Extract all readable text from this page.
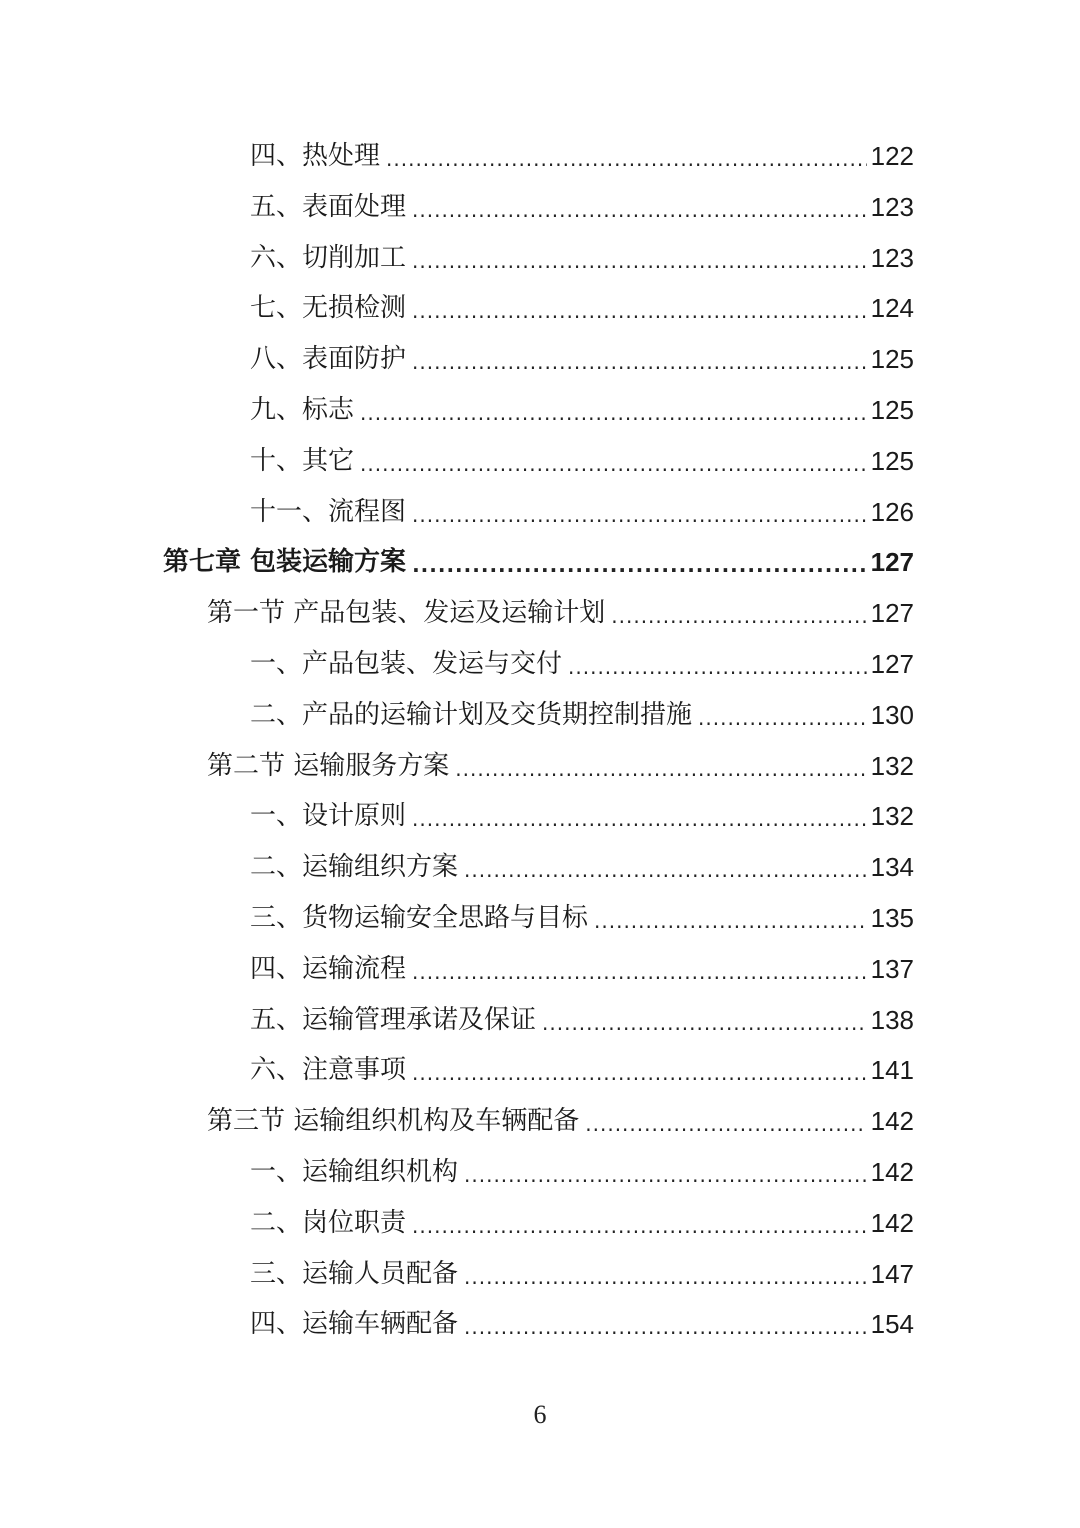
四、热处理 .....	122
五、表面处理 .....	123
六、切削加工 .....	123
七、无损检测 .....	124
八、表面防护 .....	125
九、标志 .....	125
十、其它 .....	125
十一、流程图 .....	126
第七章 包装运输方案 .....	127
第一节 产品包装、发运及运输计划 .....	127
一、产品包装、发运与交付 .....	127
二、产品的运输计划及交货期控制措施 .....	130
第二节 运输服务方案 .....	132
一、设计原则 .....	132
二、运输组织方案 .....	134
三、货物运输安全思路与目标 .....	135
四、运输流程 .....	137
五、运输管理承诺及保证 .....	138
六、注意事项 .....	141
第三节 运输组织机构及车辆配备 .....	142
一、运输组织机构 .....	142
二、岗位职责 .....	142
三、运输人员配备 .....	147
四、运输车辆配备 .....	154
6
